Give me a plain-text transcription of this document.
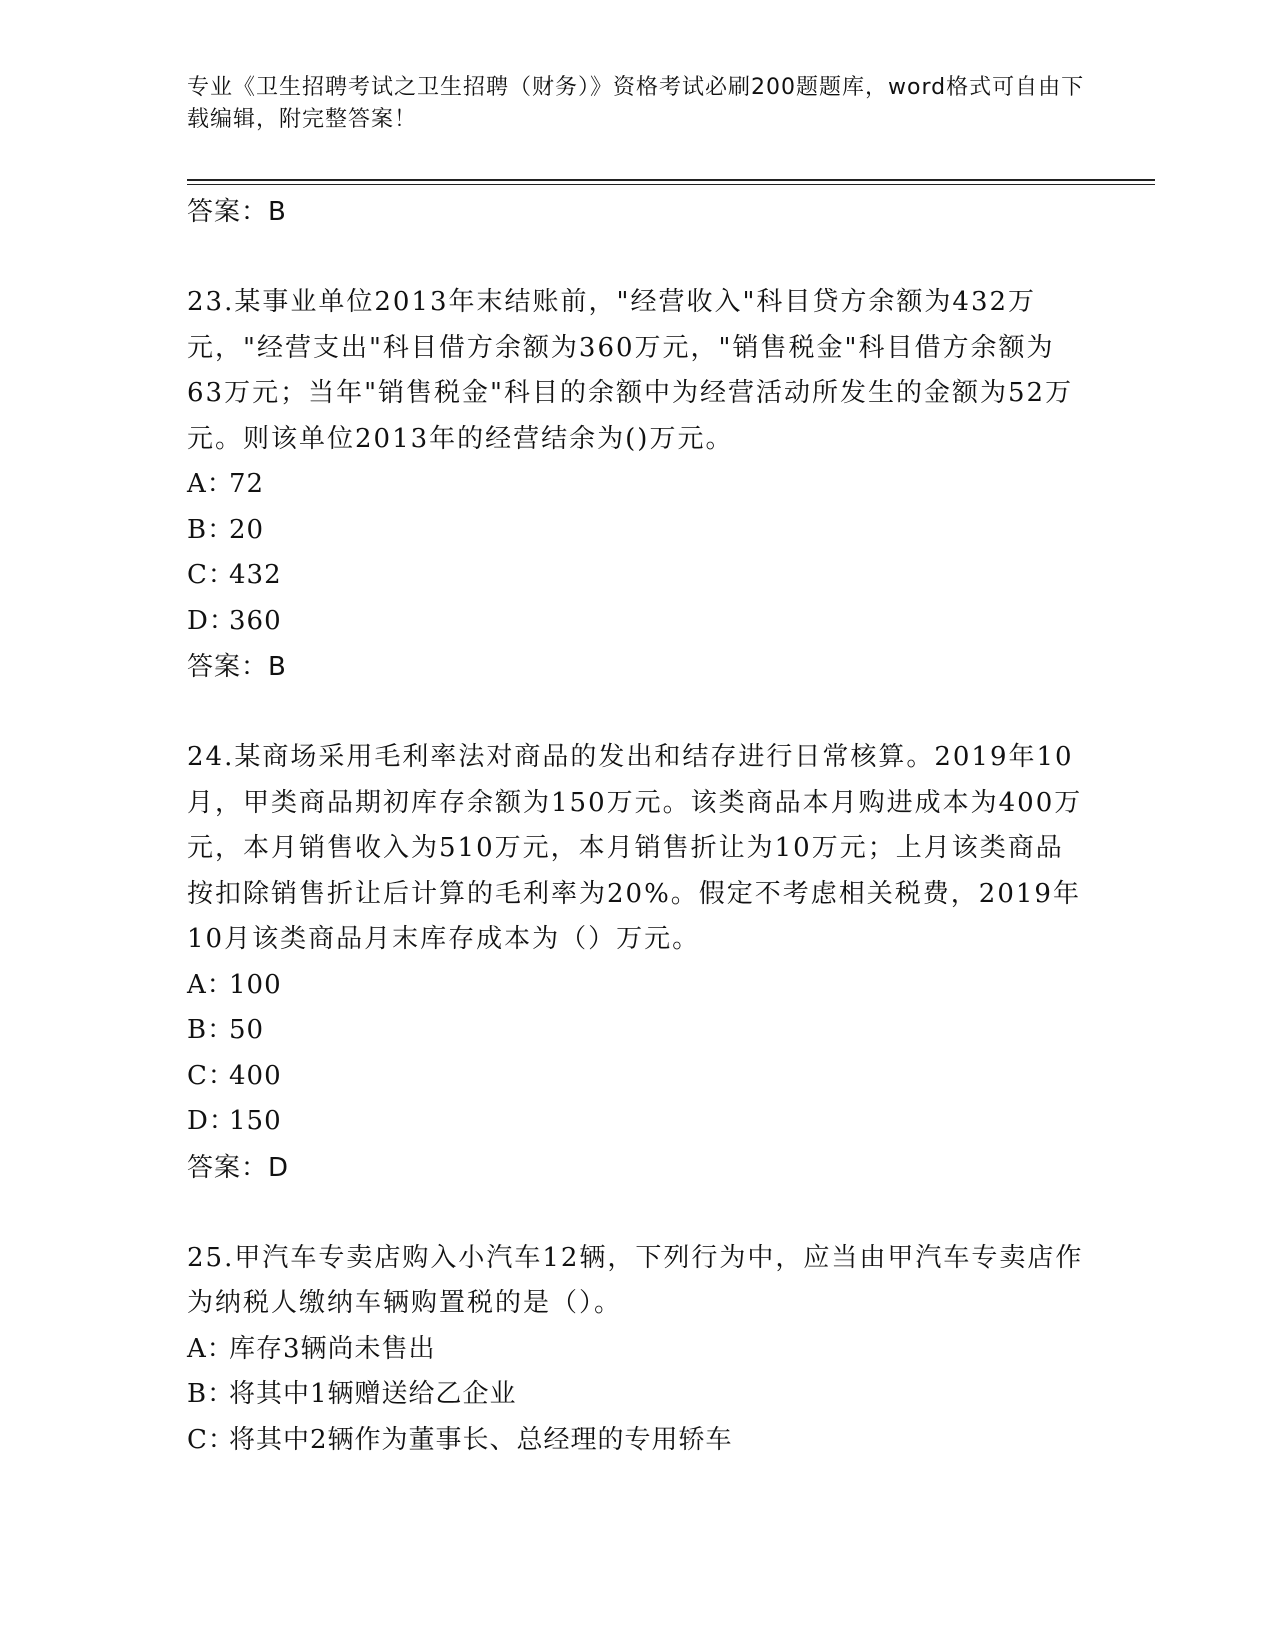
专业《卫生招聘考试之卫生招聘（财务）》资格考试必刷200题题库，word格式可自由下载编辑，附完整答案！
答案：B

23.某事业单位2013年末结账前，"经营收入"科目贷方余额为432万元，"经营支出"科目借方余额为360万元，"销售税金"科目借方余额为63万元；当年"销售税金"科目的余额中为经营活动所发生的金额为52万元。则该单位2013年的经营结余为()万元。

A：72
B：20
C：432
D：360
答案：B

24.某商场采用毛利率法对商品的发出和结存进行日常核算。2019年10月，甲类商品期初库存余额为150万元。该类商品本月购进成本为400万元，本月销售收入为510万元，本月销售折让为10万元；上月该类商品按扣除销售折让后计算的毛利率为20%。假定不考虑相关税费，2019年10月该类商品月末库存成本为（）万元。

A：100
B：50
C：400
D：150
答案：D

25.甲汽车专卖店购入小汽车12辆，下列行为中，应当由甲汽车专卖店作为纳税人缴纳车辆购置税的是（）。

A：库存3辆尚未售出
B：将其中1辆赠送给乙企业
C：将其中2辆作为董事长、总经理的专用轿车
